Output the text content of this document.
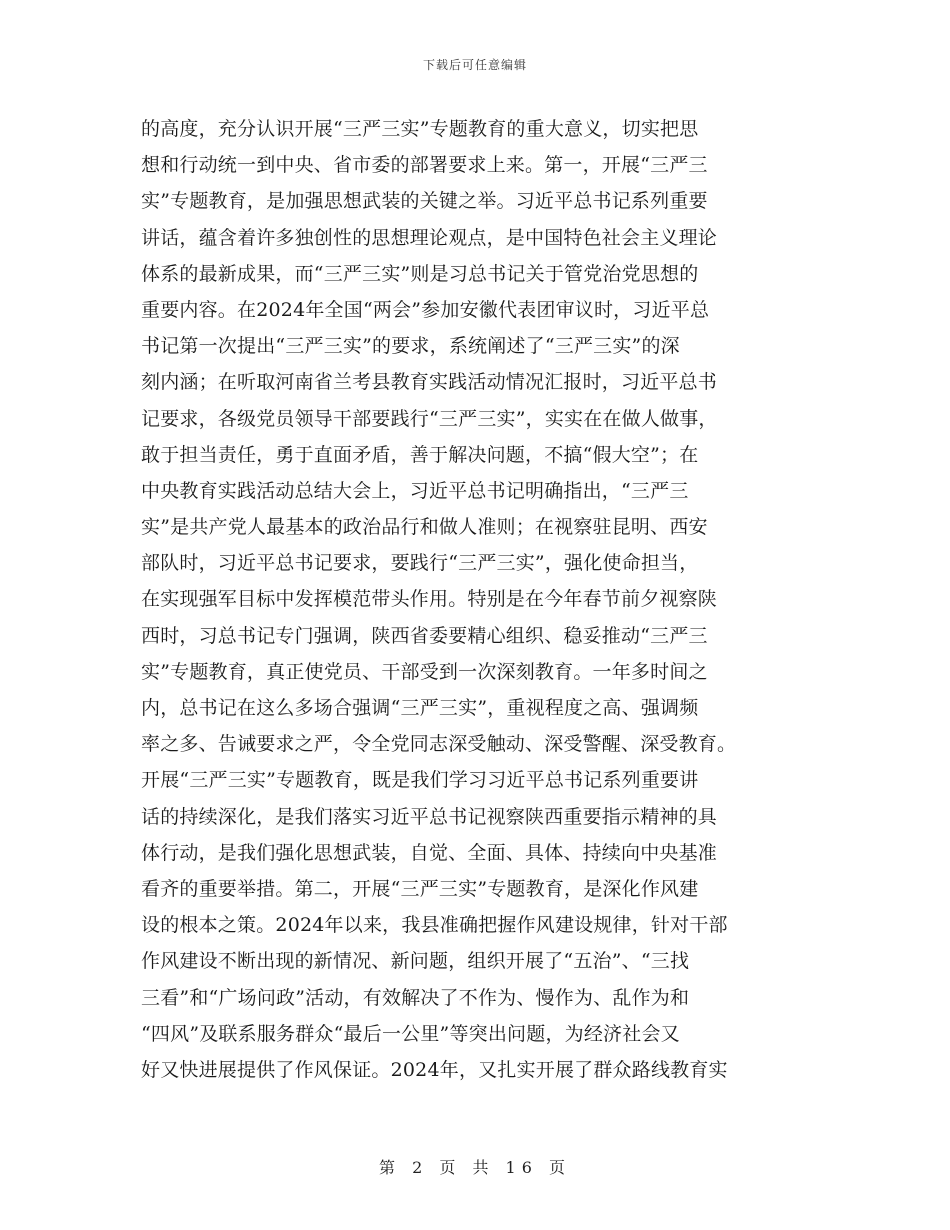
下载后可任意编辑
的高度，充分认识开展“三严三实”专题教育的重大意义，切实把思
想和行动统一到中央、省市委的部署要求上来。第一，开展“三严三
实”专题教育，是加强思想武装的关键之举。习近平总书记系列重要
讲话，蕴含着许多独创性的思想理论观点，是中国特色社会主义理论
体系的最新成果，而“三严三实”则是习总书记关于管党治党思想的
重要内容。在2024年全国“两会”参加安徽代表团审议时，习近平总
书记第一次提出“三严三实”的要求，系统阐述了“三严三实”的深
刻内涵；在听取河南省兰考县教育实践活动情况汇报时，习近平总书
记要求，各级党员领导干部要践行“三严三实”，实实在在做人做事，
敢于担当责任，勇于直面矛盾，善于解决问题，不搞“假大空”；在
中央教育实践活动总结大会上，习近平总书记明确指出，“三严三
实”是共产党人最基本的政治品行和做人准则；在视察驻昆明、西安
部队时，习近平总书记要求，要践行“三严三实”，强化使命担当，
在实现强军目标中发挥模范带头作用。特别是在今年春节前夕视察陕
西时，习总书记专门强调，陕西省委要精心组织、稳妥推动“三严三
实”专题教育，真正使党员、干部受到一次深刻教育。一年多时间之
内，总书记在这么多场合强调“三严三实”，重视程度之高、强调频
率之多、告诫要求之严，令全党同志深受触动、深受警醒、深受教育。
开展“三严三实”专题教育，既是我们学习习近平总书记系列重要讲
话的持续深化，是我们落实习近平总书记视察陕西重要指示精神的具
体行动，是我们强化思想武装，自觉、全面、具体、持续向中央基准
看齐的重要举措。第二，开展“三严三实”专题教育，是深化作风建
设的根本之策。2024年以来，我县准确把握作风建设规律，针对干部
作风建设不断出现的新情况、新问题，组织开展了“五治”、“三找
三看”和“广场问政”活动，有效解决了不作为、慢作为、乱作为和
“四风”及联系服务群众“最后一公里”等突出问题，为经济社会又
好又快进展提供了作风保证。2024年，又扎实开展了群众路线教育实
第 2 页 共 16 页
